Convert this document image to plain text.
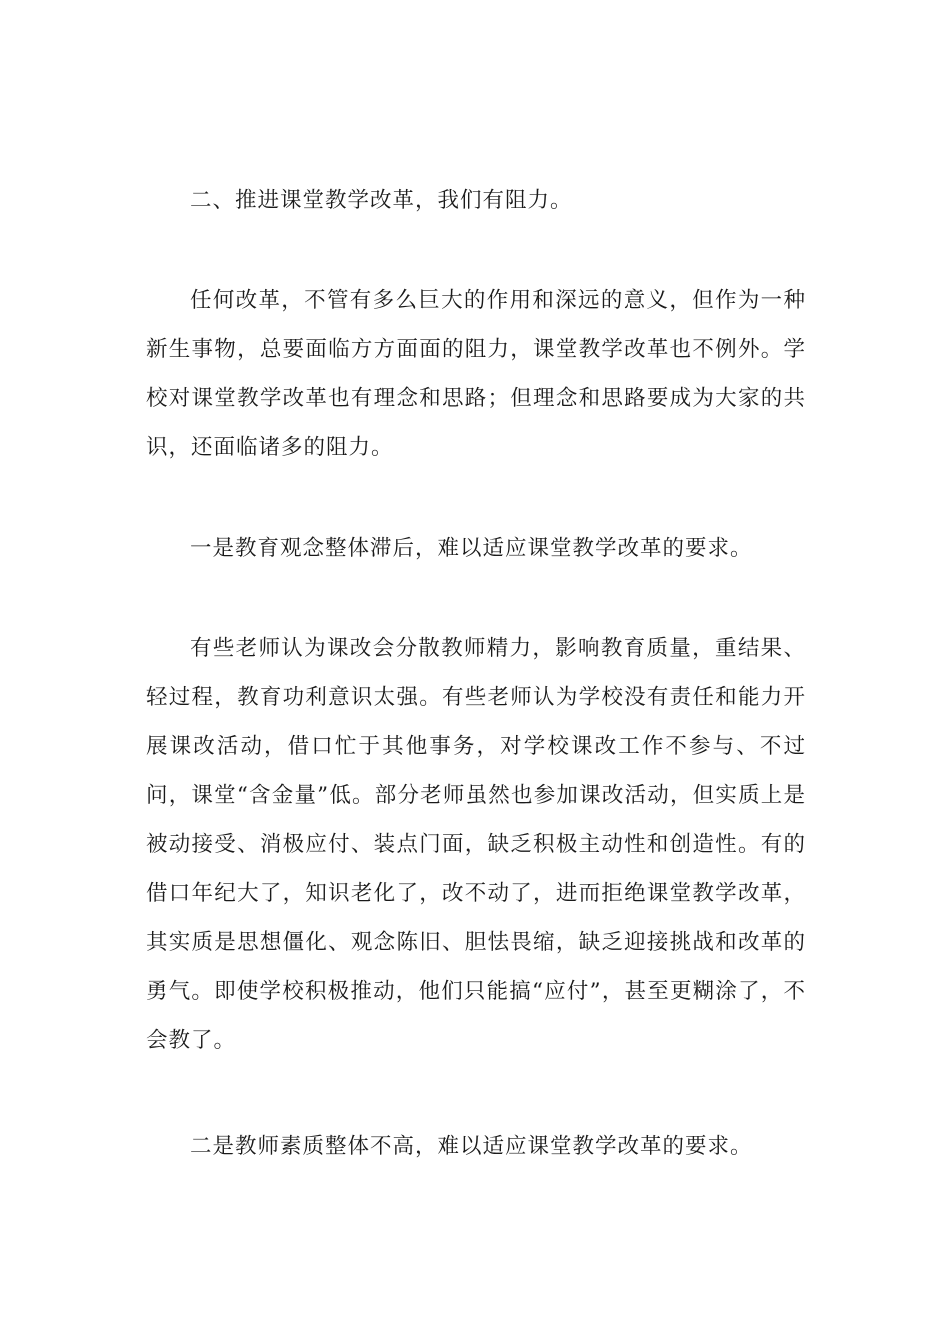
二、推进课堂教学改革，我们有阻力。

任何改革，不管有多么巨大的作用和深远的意义，但作为一种新生事物，总要面临方方面面的阻力，课堂教学改革也不例外。学校对课堂教学改革也有理念和思路；但理念和思路要成为大家的共识，还面临诸多的阻力。

一是教育观念整体滞后，难以适应课堂教学改革的要求。

有些老师认为课改会分散教师精力，影响教育质量，重结果、轻过程，教育功利意识太强。有些老师认为学校没有责任和能力开展课改活动，借口忙于其他事务，对学校课改工作不参与、不过问，课堂“含金量”低。部分老师虽然也参加课改活动，但实质上是被动接受、消极应付、装点门面，缺乏积极主动性和创造性。有的借口年纪大了，知识老化了，改不动了，进而拒绝课堂教学改革，其实质是思想僵化、观念陈旧、胆怯畏缩，缺乏迎接挑战和改革的勇气。即使学校积极推动，他们只能搞“应付”，甚至更糊涂了，不会教了。

二是教师素质整体不高，难以适应课堂教学改革的要求。
